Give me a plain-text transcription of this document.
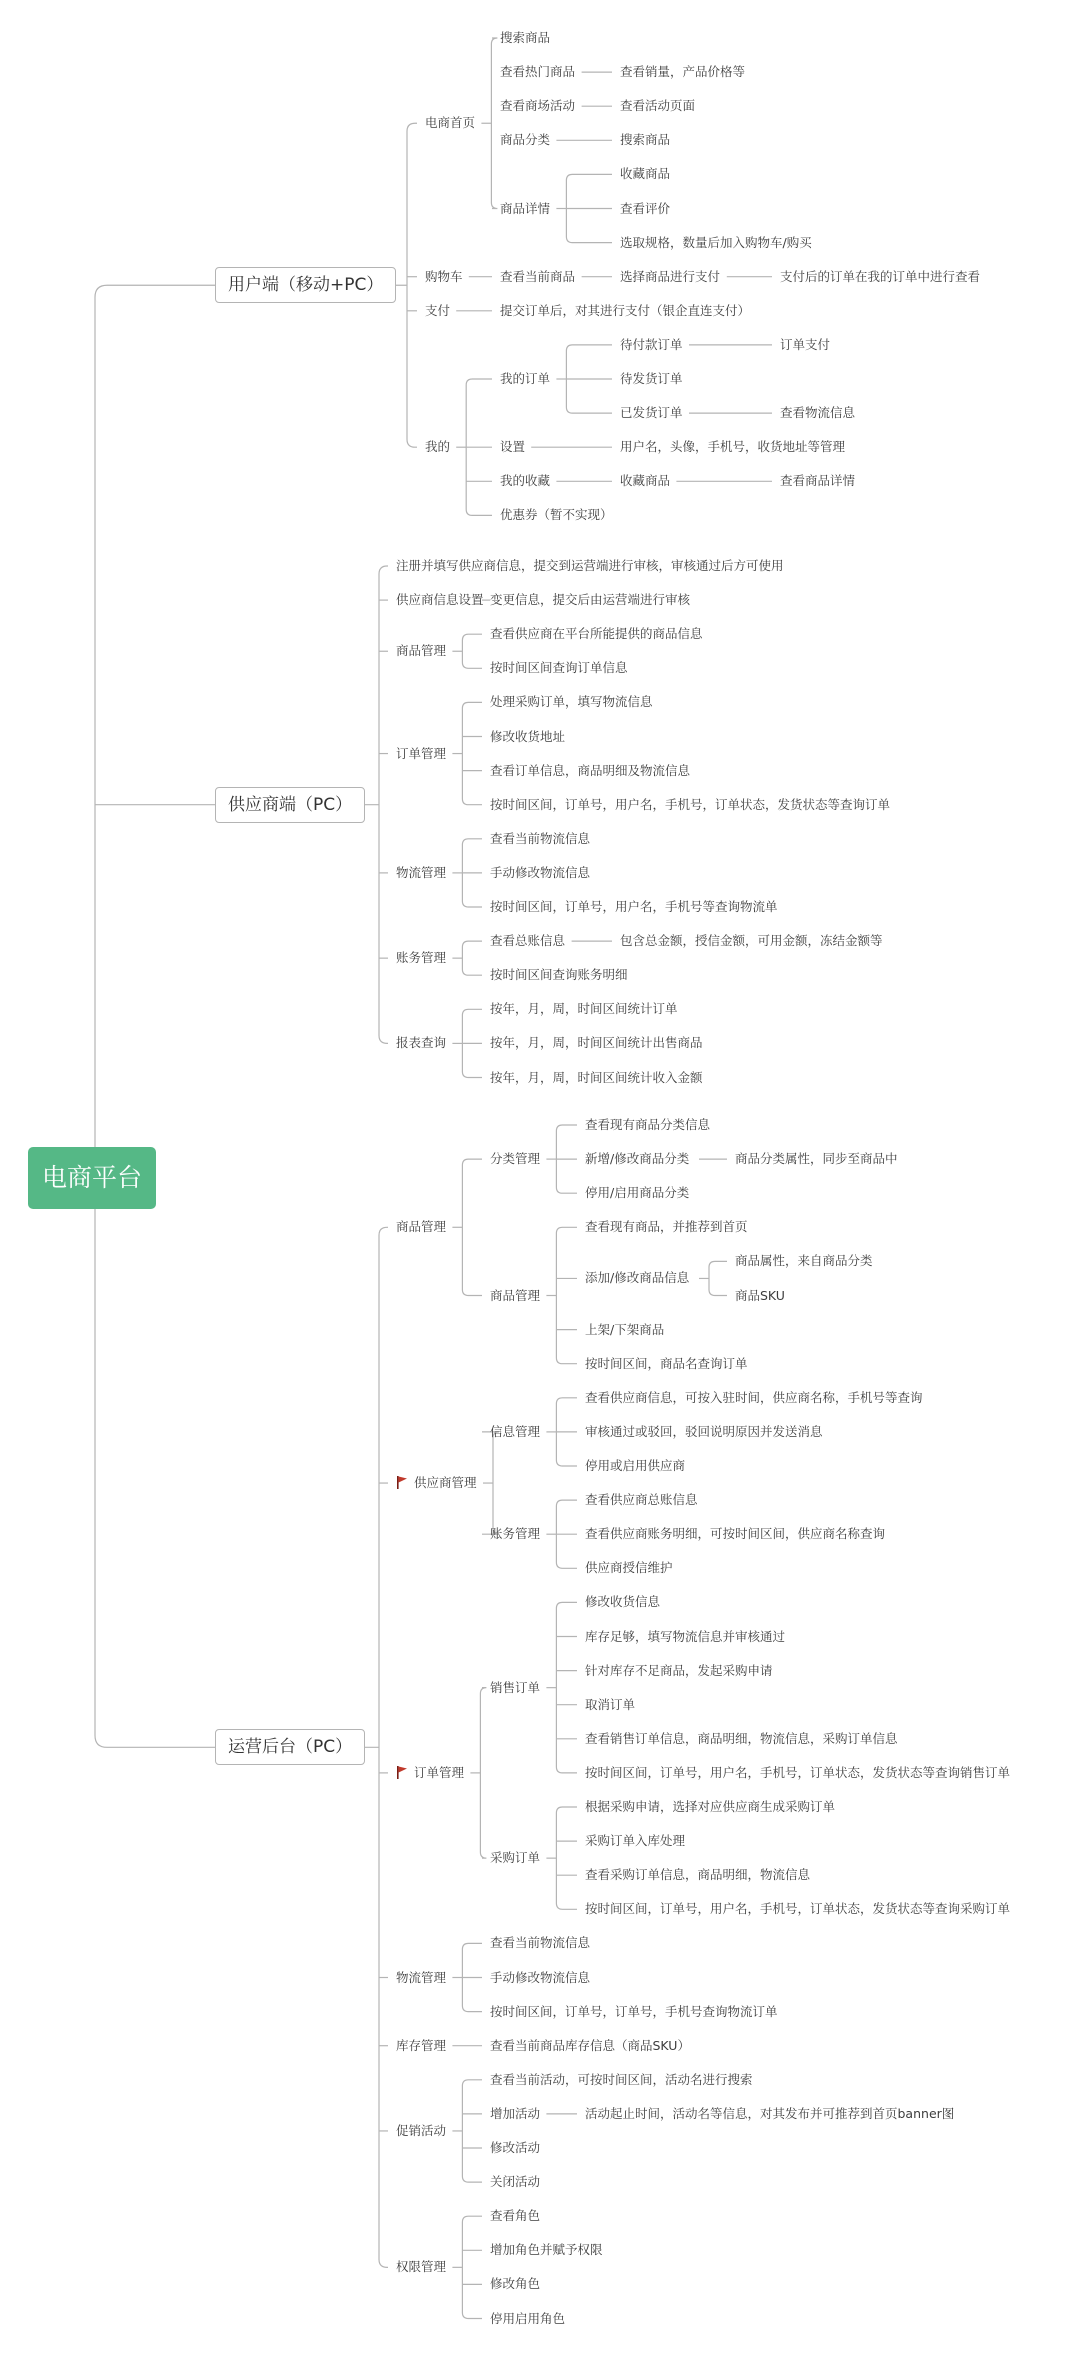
电商平台
用户端（移动+PC）
电商首页
搜索商品
查看热门商品	查看销量，产品价格等
查看商场活动	查看活动页面
商品分类	搜索商品
商品详情
收藏商品
查看评价
选取规格，数量后加入购物车/购买
购物车	查看当前商品	选择商品进行支付	支付后的订单在我的订单中进行查看
支付	提交订单后，对其进行支付（银企直连支付）
我的
我的订单
待付款订单	订单支付
待发货订单
已发货订单	查看物流信息
设置	用户名，头像，手机号，收货地址等管理
我的收藏	收藏商品	查看商品详情
优惠券（暂不实现）
供应商端（PC）
注册并填写供应商信息，提交到运营端进行审核，审核通过后方可使用
供应商信息设置 变更信息，提交后由运营端进行审核
商品管理
查看供应商在平台所能提供的商品信息
按时间区间查询订单信息
订单管理
处理采购订单，填写物流信息
修改收货地址
查看订单信息，商品明细及物流信息
按时间区间，订单号，用户名，手机号，订单状态，发货状态等查询订单
物流管理
查看当前物流信息
手动修改物流信息
按时间区间，订单号，用户名，手机号等查询物流单
账务管理
查看总账信息	包含总金额，授信金额，可用金额，冻结金额等
按时间区间查询账务明细
报表查询
按年，月，周，时间区间统计订单
按年，月，周，时间区间统计出售商品
按年，月，周，时间区间统计收入金额
运营后台（PC）
商品管理
分类管理
查看现有商品分类信息
新增/修改商品分类	商品分类属性，同步至商品中
停用/启用商品分类
商品管理
查看现有商品，并推荐到首页
添加/修改商品信息
商品属性，来自商品分类
商品SKU
上架/下架商品
按时间区间，商品名查询订单
供应商管理
信息管理
查看供应商信息，可按入驻时间，供应商名称，手机号等查询
审核通过或驳回，驳回说明原因并发送消息
停用或启用供应商
账务管理
查看供应商总账信息
查看供应商账务明细，可按时间区间，供应商名称查询
供应商授信维护
订单管理
销售订单
修改收货信息
库存足够，填写物流信息并审核通过
针对库存不足商品，发起采购申请
取消订单
查看销售订单信息，商品明细，物流信息，采购订单信息
按时间区间，订单号，用户名，手机号，订单状态，发货状态等查询销售订单
采购订单
根据采购申请，选择对应供应商生成采购订单
采购订单入库处理
查看采购订单信息，商品明细，物流信息
按时间区间，订单号，用户名，手机号，订单状态，发货状态等查询采购订单
物流管理
查看当前物流信息
手动修改物流信息
按时间区间，订单号，订单号，手机号查询物流订单
库存管理	查看当前商品库存信息（商品SKU）
促销活动
查看当前活动，可按时间区间，活动名进行搜索
增加活动	活动起止时间，活动名等信息，对其发布并可推荐到首页banner图
修改活动
关闭活动
权限管理
查看角色
增加角色并赋予权限
修改角色
停用启用角色
